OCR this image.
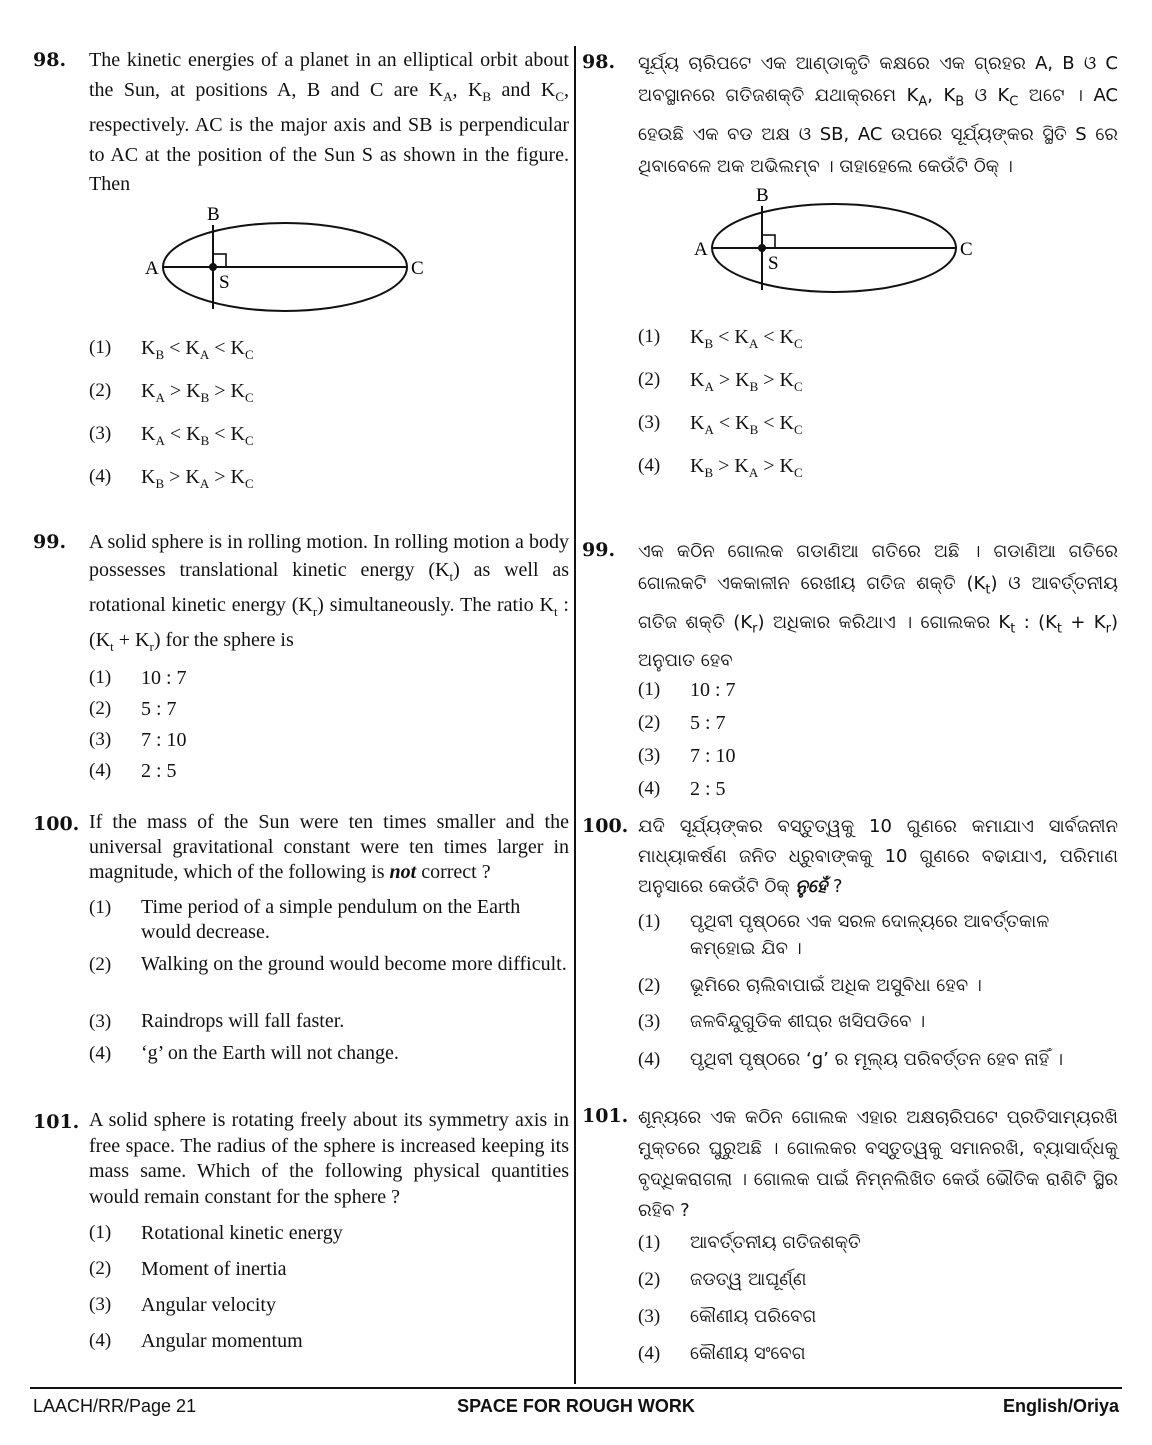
98. The kinetic energies of a planet in an elliptical orbit about the Sun, at positions A, B and C are $K_A$, $K_B$ and $K_C$, respectively. AC is the major axis and SB is perpendicular to AC at the position of the Sun S as shown in the figure. Then
A
B
C
S
(1)	$K_B < K_A < K_C$
(2)	$K_A > K_B > K_C$
(3)	$K_A < K_B < K_C$
(4)	$K_B > K_A > K_C$
99. A solid sphere is in rolling motion. In rolling motion a body possesses translational kinetic energy $(K_t)$ as well as rotational kinetic energy $(K_r)$ simultaneously. The ratio $K_t$ : $(K_t + K_r)$ for the sphere is
(1)	10 : 7
(2)	5 : 7
(3)	7 : 10
(4)	2 : 5
100. If the mass of the Sun were ten times smaller and the universal gravitational constant were ten times larger in magnitude, which of the following is not correct ?
(1)	Time period of a simple pendulum on the Earth would decrease.
(2)	Walking on the ground would become more difficult.
(3)	Raindrops will fall faster.
(4)	‘g’ on the Earth will not change.
101. A solid sphere is rotating freely about its symmetry axis in free space. The radius of the sphere is increased keeping its mass same. Which of the following physical quantities would remain constant for the sphere ?
(1)	Rotational kinetic energy
(2)	Moment of inertia
(3)	Angular velocity
(4)	Angular momentum
98. ସୂର୍ଯ୍ୟ ଚାରିପଟେ ଏକ ଆଣ୍ଡାକୃତି କକ୍ଷରେ ଏକ ଗ୍ରହର A, B ଓ C ଅବସ୍ଥାନରେ ଗତିଜଶକ୍ତି ଯଥାକ୍ରମେ $K_A$, $K_B$ ଓ $K_C$ ଅଟେ । AC ହେଉଛି ଏକ ବଡ ଅକ୍ଷ ଓ SB, AC ଉପରେ ସୂର୍ଯ୍ୟଙ୍କର ସ୍ଥିତି S ରେ ଥିବାବେଳେ ଅକ ଅଭିଲମ୍ବ । ତାହାହେଲେ କେଉଁଟି ଠିକ୍ ।
A
B
C
S
(1)	$K_B < K_A < K_C$
(2)	$K_A > K_B > K_C$
(3)	$K_A < K_B < K_C$
(4)	$K_B > K_A > K_C$
99. ଏକ କଠିନ ଗୋଲକ ଗଡାଣିଆ ଗତିରେ ଅଛି । ଗଡାଣିଆ ଗତିରେ ଗୋଲକଟି ଏକକାଳୀନ ରେଖୀୟ ଗତିଜ ଶକ୍ତି $(K_t)$ ଓ ଆବର୍ତ୍ତନୀୟ ଗତିଜ ଶକ୍ତି $(K_r)$ ଅଧିକାର କରିଥାଏ । ଗୋଲକର $K_t$ : $(K_t + K_r)$ ଅନୁପାତ ହେବ
(1)	10 : 7
(2)	5 : 7
(3)	7 : 10
(4)	2 : 5
100. ଯଦି ସୂର୍ଯ୍ୟଙ୍କର ବସ୍ତୁତ୍ୱକୁ 10 ଗୁଣରେ କମାଯାଏ ସାର୍ବଜନୀନ ମାଧ୍ୟାକର୍ଷଣ ଜନିତ ଧ୍ରୁବାଙ୍କକୁ 10 ଗୁଣରେ ବଢାଯାଏ, ପରିମାଣ ଅନୁସାରେ କେଉଁଟି ଠିକ୍ ନୁହେଁ ?
(1)	ପୃଥିବୀ ପୃଷ୍ଠରେ ଏକ ସରଳ ଦୋଳ୍ୟରେ ଆବର୍ତ୍ତକାଳ କମ୍‌ହୋଇ ଯିବ ।
(2)	ଭୂମିରେ ଚାଲିବାପାଇଁ ଅଧିକ ଅସୁବିଧା ହେବ ।
(3)	ଜଳବିନ୍ଦୁଗୁଡିକ ଶୀଘ୍ର ଖସିପଡିବେ ।
(4)	ପୃଥିବୀ ପୃଷ୍ଠରେ ‘g’ ର ମୂଲ୍ୟ ପରିବର୍ତ୍ତନ ହେବ ନାହିଁ ।
101. ଶୂନ୍ୟରେ ଏକ କଠିନ ଗୋଲକ ଏହାର ଅକ୍ଷଚାରିପଟେ ପ୍ରତିସାମ୍ୟରଖି ମୁକ୍ତରେ ଘୁରୁଅଛି । ଗୋଲକର ବସ୍ତୁତ୍ୱକୁ ସମାନରଖି, ବ୍ୟାସାର୍ଦ୍ଧକୁ ବୃଦ୍ଧିକରାଗଲା । ଗୋଲକ ପାଇଁ ନିମ୍ନଲିଖିତ କେଉଁ ଭୌତିକ ରାଶିଟି ସ୍ଥିର ରହିବ ?
(1)	ଆବର୍ତ୍ତନୀୟ ଗତିଜଶକ୍ତି
(2)	ଜଡତ୍ୱ ଆଘୂର୍ଣ୍ଣ
(3)	କୌଣୀୟ ପରିବେଗ
(4)	କୌଣୀୟ ସଂବେଗ
LAACH/RR/Page 21	SPACE FOR ROUGH WORK	English/Oriya
